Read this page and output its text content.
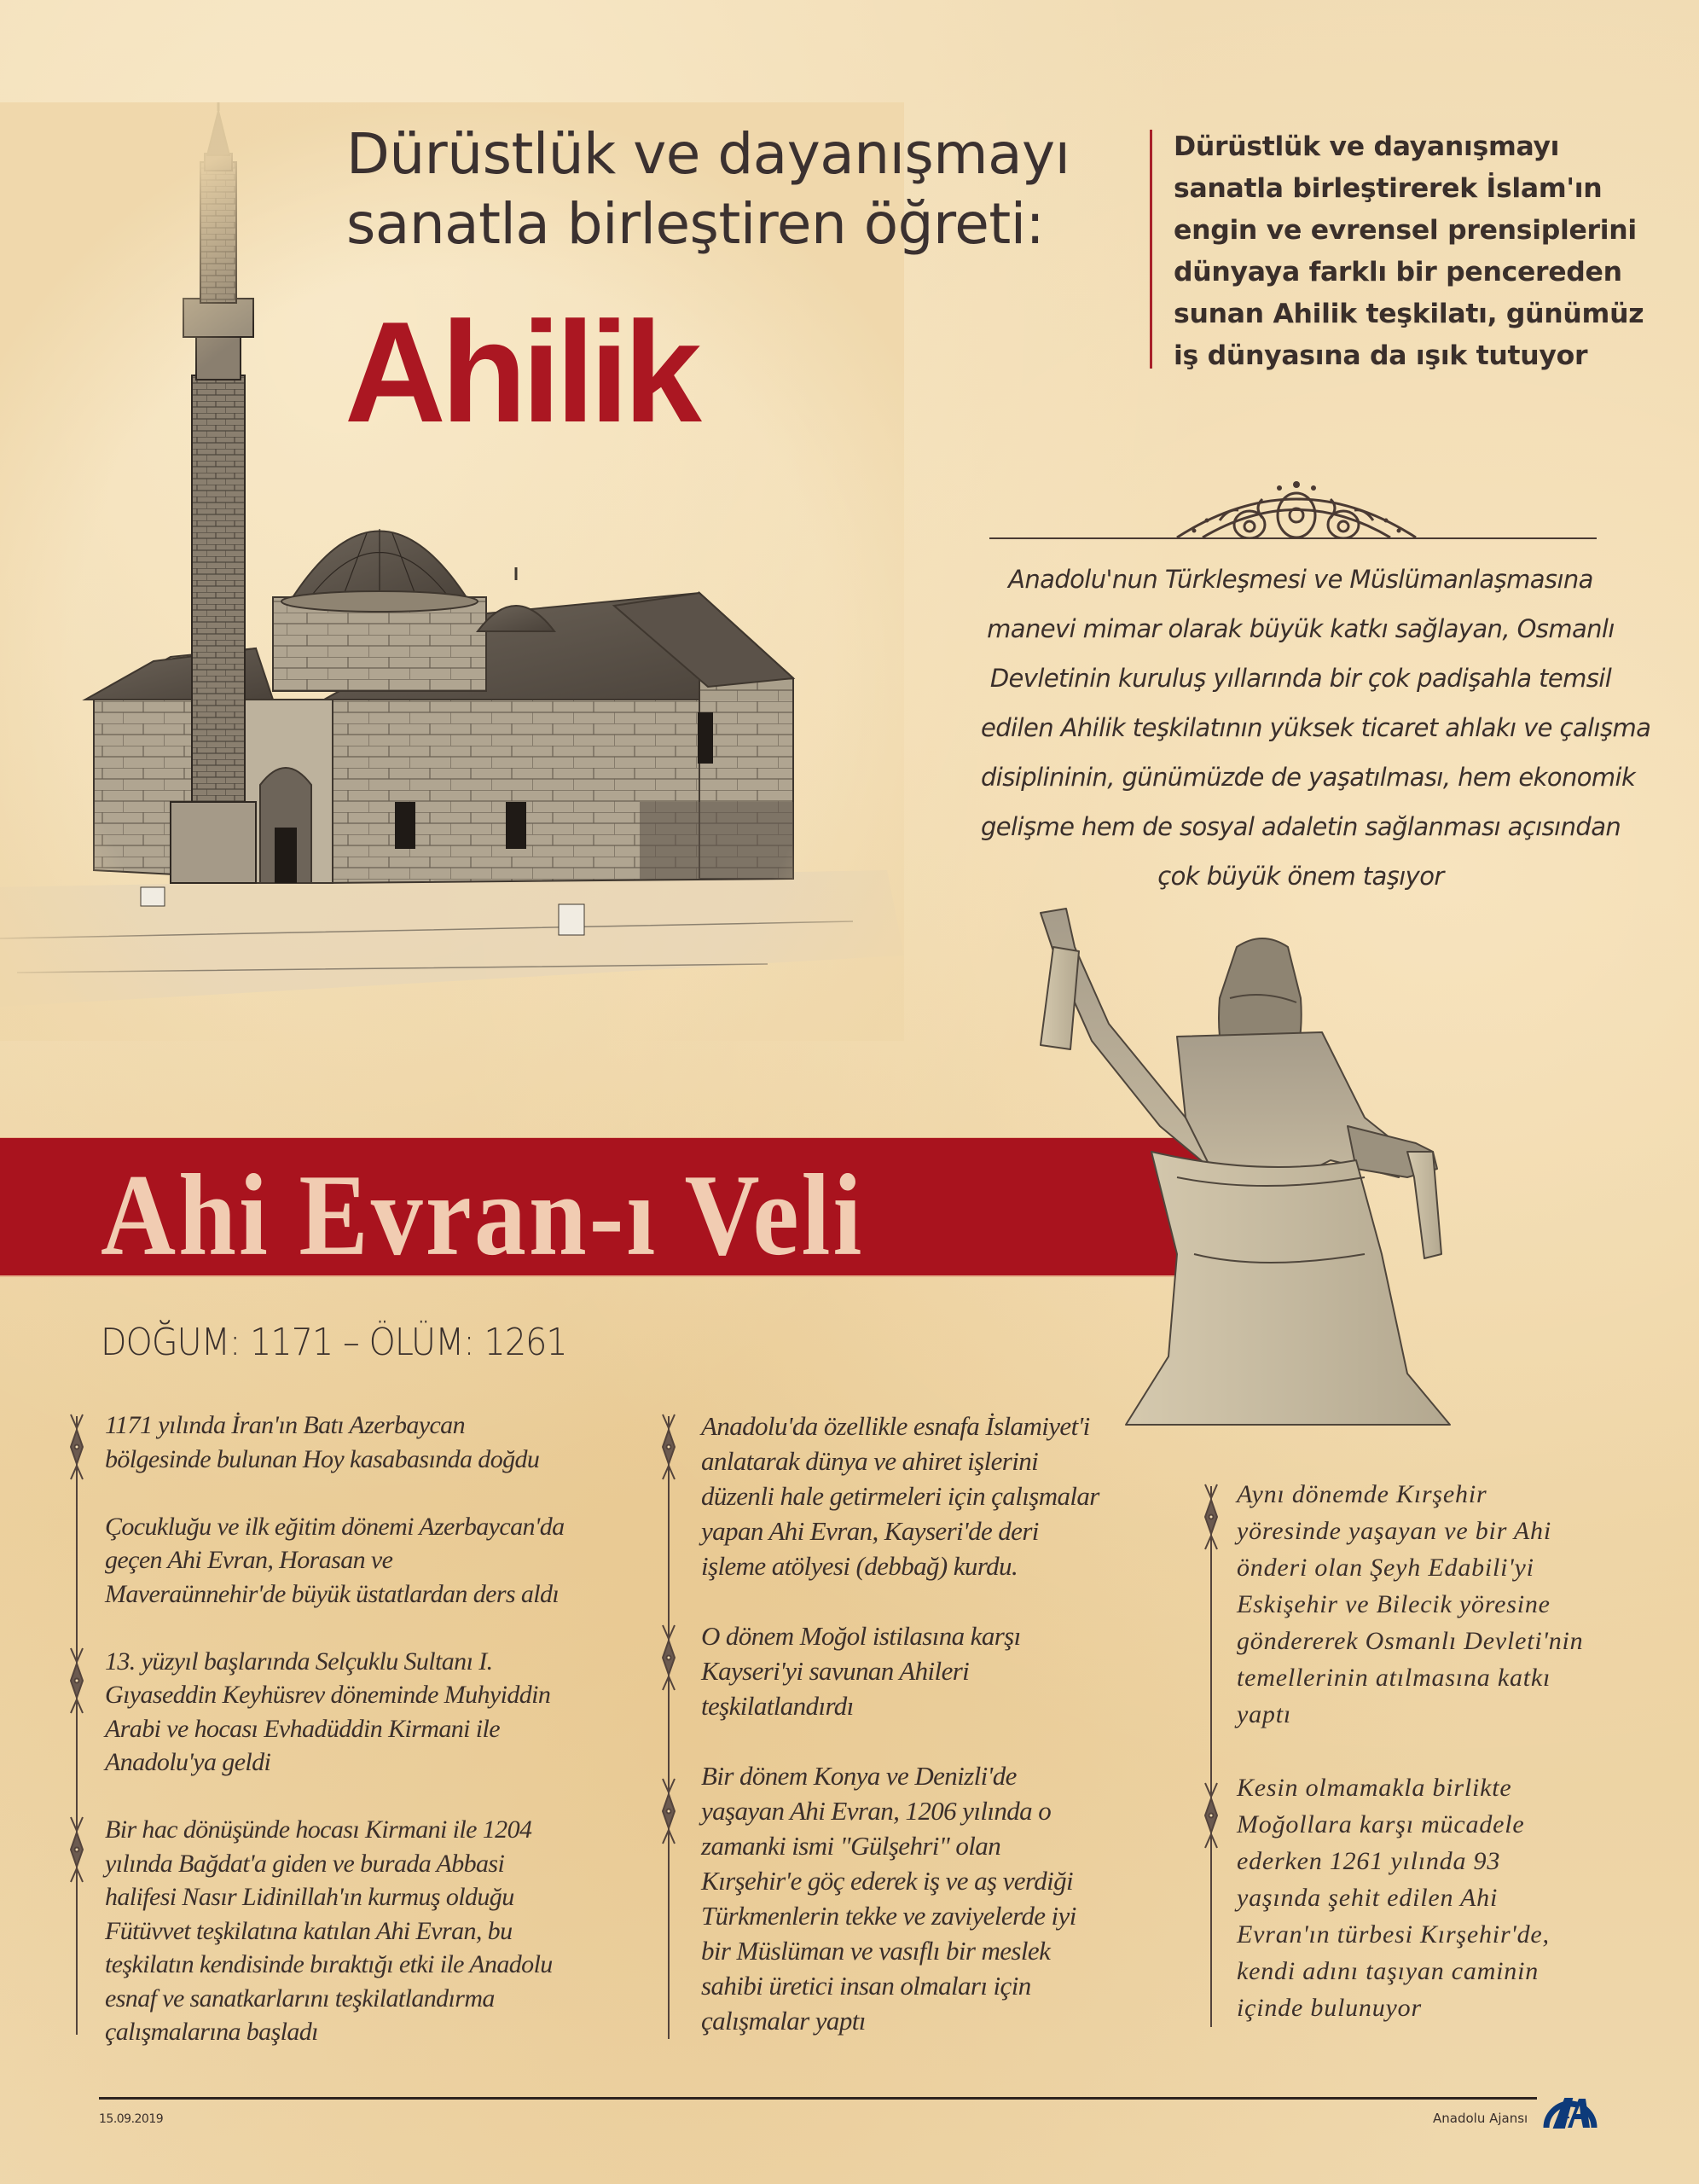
Dürüstlük ve dayanışmayı
sanatla birleştiren öğreti:
Ahilik
Dürüstlük ve dayanışmayı
sanatla birleştirerek İslam'ın
engin ve evrensel prensiplerini
dünyaya farklı bir pencereden
sunan Ahilik teşkilatı, günümüz
iş dünyasına da ışık tutuyor
Anadolu'nun Türkleşmesi ve Müslümanlaşmasına
manevi mimar olarak büyük katkı sağlayan, Osmanlı
Devletinin kuruluş yıllarında bir çok padişahla temsil
edilen Ahilik teşkilatının yüksek ticaret ahlakı ve çalışma
disiplininin, günümüzde de yaşatılması, hem ekonomik
gelişme hem de sosyal adaletin sağlanması açısından
çok büyük önem taşıyor
Ahi Evran-ı Veli
DOĞUM: 1171 – ÖLÜM: 1261
1171 yılında İran'ın Batı Azerbaycan
bölgesinde bulunan Hoy kasabasında doğdu
Çocukluğu ve ilk eğitim dönemi Azerbaycan'da
geçen Ahi Evran, Horasan ve
Maveraünnehir'de büyük üstatlardan ders aldı
13. yüzyıl başlarında Selçuklu Sultanı I.
Gıyaseddin Keyhüsrev döneminde Muhyiddin
Arabi ve hocası Evhadüddin Kirmani ile
Anadolu'ya geldi
Bir hac dönüşünde hocası Kirmani ile 1204
yılında Bağdat'a giden ve burada Abbasi
halifesi Nasır Lidinillah'ın kurmuş olduğu
Fütüvvet teşkilatına katılan Ahi Evran, bu
teşkilatın kendisinde bıraktığı etki ile Anadolu
esnaf ve sanatkarlarını teşkilatlandırma
çalışmalarına başladı
Anadolu'da özellikle esnafa İslamiyet'i
anlatarak dünya ve ahiret işlerini
düzenli hale getirmeleri için çalışmalar
yapan Ahi Evran, Kayseri'de deri
işleme atölyesi (debbağ) kurdu.
O dönem Moğol istilasına karşı
Kayseri'yi savunan Ahileri
teşkilatlandırdı
Bir dönem Konya ve Denizli'de
yaşayan Ahi Evran, 1206 yılında o
zamanki ismi "Gülşehri" olan
Kırşehir'e göç ederek iş ve aş verdiği
Türkmenlerin tekke ve zaviyelerde iyi
bir Müslüman ve vasıflı bir meslek
sahibi üretici insan olmaları için
çalışmalar yaptı
Aynı dönemde Kırşehir
yöresinde yaşayan ve bir Ahi
önderi olan Şeyh Edabili'yi
Eskişehir ve Bilecik yöresine
göndererek Osmanlı Devleti'nin
temellerinin atılmasına katkı
yaptı
Kesin olmamakla birlikte
Moğollara karşı mücadele
ederken 1261 yılında 93
yaşında şehit edilen Ahi
Evran'ın türbesi Kırşehir'de,
kendi adını taşıyan caminin
içinde bulunuyor
15.09.2019	Anadolu Ajansı
